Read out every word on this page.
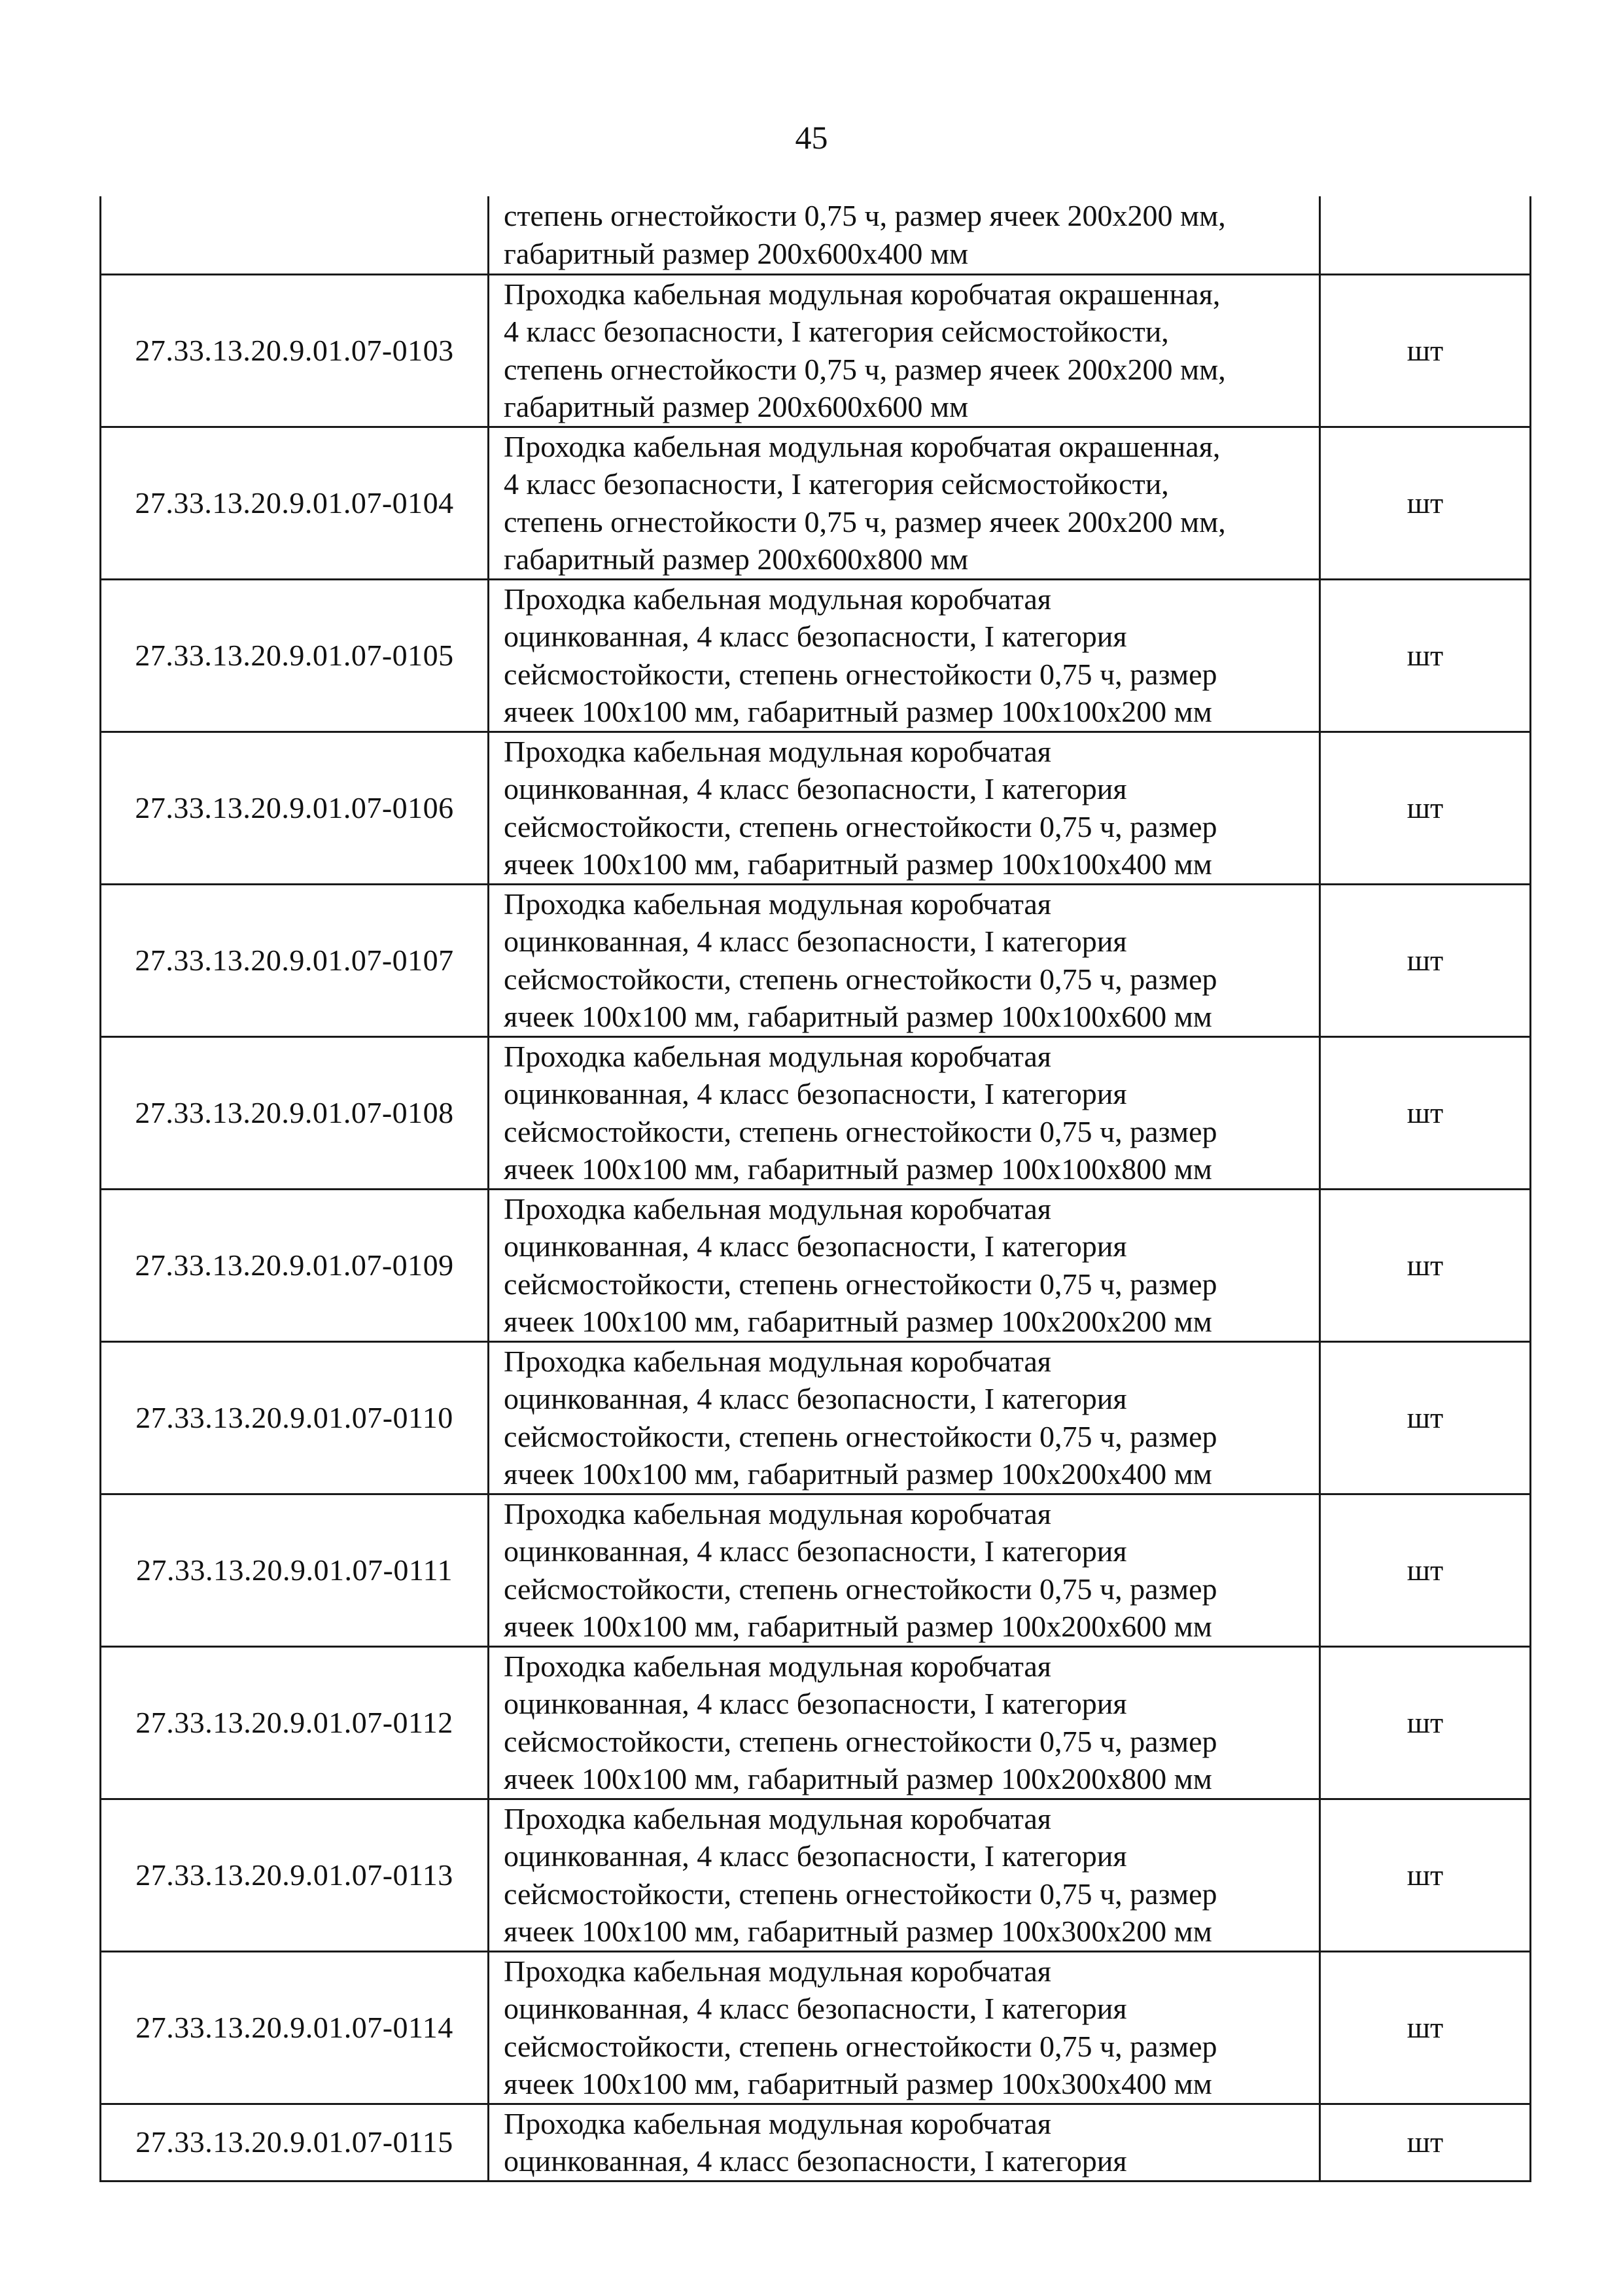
45
	степень огнестойкости 0,75 ч, размер ячеек 200х200 мм,
габаритный размер 200х600х400 мм	
27.33.13.20.9.01.07-0103	Проходка кабельная модульная коробчатая окрашенная,
4 класс безопасности, I категория сейсмостойкости,
степень огнестойкости 0,75 ч, размер ячеек 200х200 мм,
габаритный размер 200х600х600 мм	шт
27.33.13.20.9.01.07-0104	Проходка кабельная модульная коробчатая окрашенная,
4 класс безопасности, I категория сейсмостойкости,
степень огнестойкости 0,75 ч, размер ячеек 200х200 мм,
габаритный размер 200х600х800 мм	шт
27.33.13.20.9.01.07-0105	Проходка кабельная модульная коробчатая
оцинкованная, 4 класс безопасности, I категория
сейсмостойкости, степень огнестойкости 0,75 ч, размер
ячеек 100х100 мм, габаритный размер 100х100х200 мм	шт
27.33.13.20.9.01.07-0106	Проходка кабельная модульная коробчатая
оцинкованная, 4 класс безопасности, I категория
сейсмостойкости, степень огнестойкости 0,75 ч, размер
ячеек 100х100 мм, габаритный размер 100х100х400 мм	шт
27.33.13.20.9.01.07-0107	Проходка кабельная модульная коробчатая
оцинкованная, 4 класс безопасности, I категория
сейсмостойкости, степень огнестойкости 0,75 ч, размер
ячеек 100х100 мм, габаритный размер 100х100х600 мм	шт
27.33.13.20.9.01.07-0108	Проходка кабельная модульная коробчатая
оцинкованная, 4 класс безопасности, I категория
сейсмостойкости, степень огнестойкости 0,75 ч, размер
ячеек 100х100 мм, габаритный размер 100х100х800 мм	шт
27.33.13.20.9.01.07-0109	Проходка кабельная модульная коробчатая
оцинкованная, 4 класс безопасности, I категория
сейсмостойкости, степень огнестойкости 0,75 ч, размер
ячеек 100х100 мм, габаритный размер 100х200х200 мм	шт
27.33.13.20.9.01.07-0110	Проходка кабельная модульная коробчатая
оцинкованная, 4 класс безопасности, I категория
сейсмостойкости, степень огнестойкости 0,75 ч, размер
ячеек 100х100 мм, габаритный размер 100х200х400 мм	шт
27.33.13.20.9.01.07-0111	Проходка кабельная модульная коробчатая
оцинкованная, 4 класс безопасности, I категория
сейсмостойкости, степень огнестойкости 0,75 ч, размер
ячеек 100х100 мм, габаритный размер 100х200х600 мм	шт
27.33.13.20.9.01.07-0112	Проходка кабельная модульная коробчатая
оцинкованная, 4 класс безопасности, I категория
сейсмостойкости, степень огнестойкости 0,75 ч, размер
ячеек 100х100 мм, габаритный размер 100х200х800 мм	шт
27.33.13.20.9.01.07-0113	Проходка кабельная модульная коробчатая
оцинкованная, 4 класс безопасности, I категория
сейсмостойкости, степень огнестойкости 0,75 ч, размер
ячеек 100х100 мм, габаритный размер 100х300х200 мм	шт
27.33.13.20.9.01.07-0114	Проходка кабельная модульная коробчатая
оцинкованная, 4 класс безопасности, I категория
сейсмостойкости, степень огнестойкости 0,75 ч, размер
ячеек 100х100 мм, габаритный размер 100х300х400 мм	шт
27.33.13.20.9.01.07-0115	Проходка кабельная модульная коробчатая
оцинкованная, 4 класс безопасности, I категория	шт
